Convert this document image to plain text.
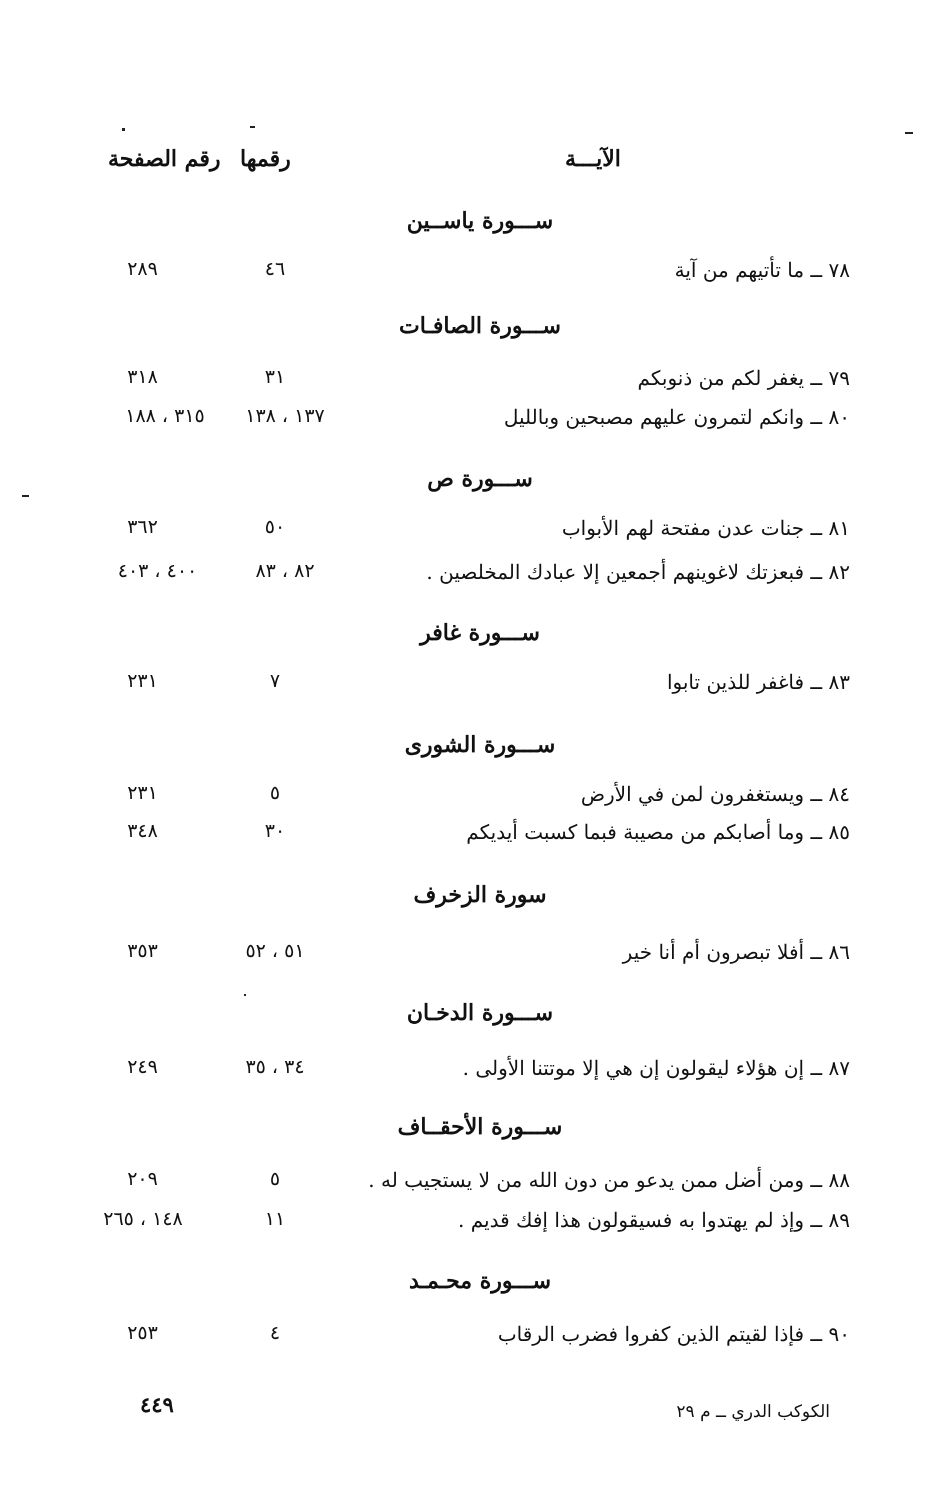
الآيـــة
رقمها
رقم الصفحة
ســـورة ياســين
٧٨ ــ ما تأتيهم من آية
٤٦
٢٨٩
ســـورة الصافـات
٧٩ ــ يغفر لكم من ذنوبكم
٣١
٣١٨
٨٠ ــ وانكم لتمرون عليهم مصبحين وبالليل
١٣٧ ، ١٣٨
٣١٥ ، ١٨٨
ســـورة ص
٨١ ــ جنات عدن مفتحة لهم الأبواب
٥٠
٣٦٢
٨٢ ــ فبعزتك لاغوينهم أجمعين إلا عبادك المخلصين .
٨٢ ، ٨٣
٤٠٠ ، ٤٠٣
ســـورة غافر
٨٣ ــ فاغفر للذين تابوا
٧
٢٣١
ســـورة الشورى
٨٤ ــ ويستغفرون لمن في الأرض
٥
٢٣١
٨٥ ــ وما أصابكم من مصيبة فبما كسبت أيديكم
٣٠
٣٤٨
سورة الزخرف
٨٦ ــ أفلا تبصرون أم أنا خير
٥١ ، ٥٢
٣٥٣
ســـورة الدخـان
٨٧ ــ إن هؤلاء ليقولون إن هي إلا موتتنا الأولى .
٣٤ ، ٣٥
٢٤٩
ســـورة الأحقــاف
٨٨ ــ ومن أضل ممن يدعو من دون الله من لا يستجيب له .
٥
٢٠٩
٨٩ ــ وإذ لم يهتدوا به فسيقولون هذا إفك قديم .
١١
١٤٨ ، ٢٦٥
ســـورة محـمـد
٩٠ ــ فإذا لقيتم الذين كفروا فضرب الرقاب
٤
٢٥٣
الكوكب الدري ــ م ٢٩
٤٤٩
